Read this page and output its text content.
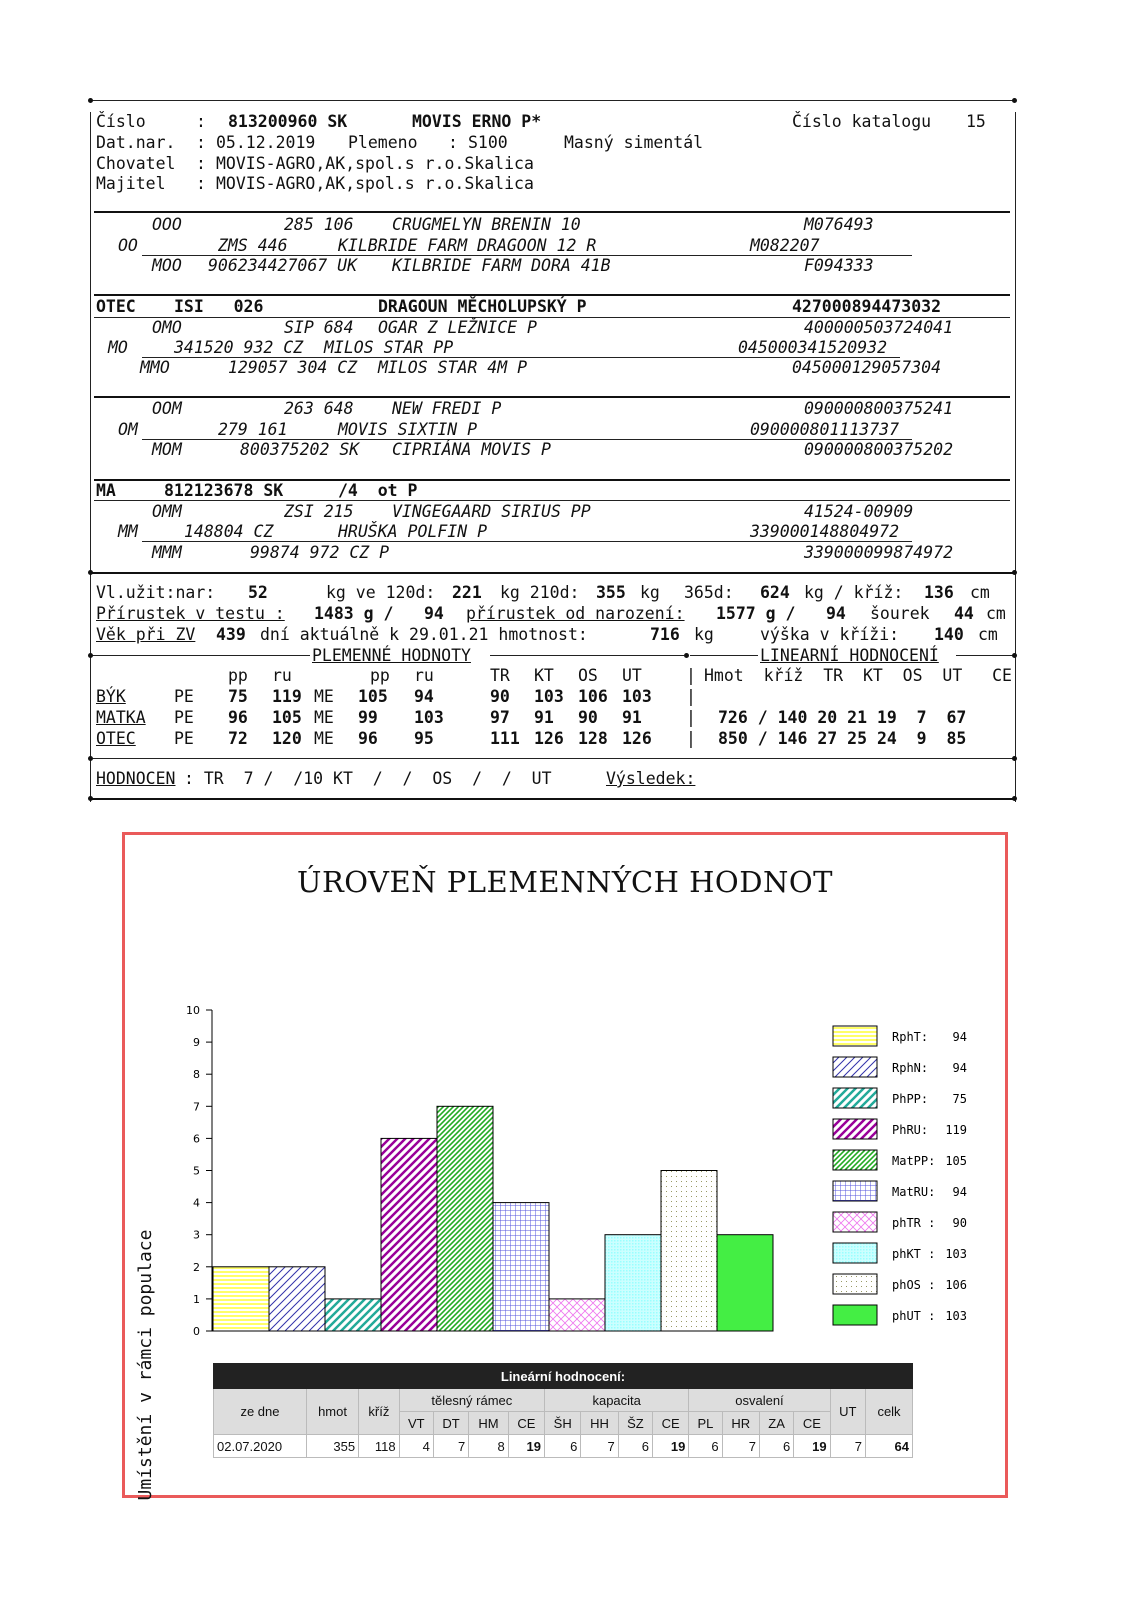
Číslo	: 813200960 SK	MOVIS ERNO P*	Číslo katalogu 15
Dat.nar. : 05.12.2019 Plemeno : S100	Masný simentál
Chovatel : MOVIS-AGRO,AK,spol.s r.o.Skalica
Majitel : MOVIS-AGRO,AK,spol.s r.o.Skalica
OOO	285 106 CRUGMELYN BRENIN 10	M076493
OO	ZMS 446	KILBRIDE FARM DRAGOON 12 R	M082207
MOO 906234427067 UK KILBRIDE FARM DORA 41B	F094333
OTEC ISI   026	DRAGOUN MĚCHOLUPSKÝ P	427000894473032
OMO	SIP 684 OGAR Z LEŽNICE P	400000503724041
MO	341520 932 CZ MILOS STAR PP	045000341520932
MMO	129057 304 CZ MILOS STAR 4M P	045000129057304
OOM	263 648 NEW FREDI P	090000800375241
OM	279 161	MOVIS SIXTIN P	090000801113737
MOM	800375202 SK CIPRIÁNA MOVIS P	090000800375202
MA	812123678 SK	/4  ot P
OMM	ZSI 215 VINGEGAARD SIRIUS PP	41524-00909
MM	148804 CZ	HRUŠKA POLFIN P	339000148804972
MMM	99874 972 CZ P	339000099874972
Vl.užit:nar: 52	kg ve 120d: 221 kg 210d: 355 kg 365d: 624 kg / kříž: 136 cm
Přírustek v testu : 1483 g / 94 přírustek od narození: 1577 g / 94 šourek 44 cm
Věk při ZV 439 dní aktuálně k 29.01.21 hmotnost:	716 kg	výška v kříži: 140 cm
PLEMENNÉ HODNOTY	LINEARNÍ HODNOCENÍ
pp ru	pp ru	TR KT OS UT	| Hmot  kříž  TR  KT  OS  UT   CE
BÝK	PE 75 119 ME 105 94	90 103 106 103 |
MATKA PE 96 105 ME 99 103	97 91 90 91	| 726 / 140 20 21 19  7  67
OTEC PE 72 120 ME 96 95	111 126 128 126 | 850 / 146 27 25 24  9  85
HODNOCEN : TR  7 /  /10 KT  /  /  OS  /  /  UT	Výsledek:
ÚROVEŇ PLEMENNÝCH HODNOT
Umístění v rámci populace	0
1
2
3
4
5
6
7
8
9
10
RphT: 94
RphN: 94
PhPP: 75
PhRU: 119
MatPP: 105
MatRU: 94
phTR : 90
phKT : 103
phOS : 106
phUT : 103
Lineární hodnocení:																
ze dne	hmot	kříž	tělesný rámec				kapacita				osvalení				UT	celk
			VT	DT	HM	CE	ŠH	HH	ŠZ	CE	PL	HR	ZA	CE		
02.07.2020	355	118	4	7	8	19	6	7	6	19	6	7	6	19	7	64
